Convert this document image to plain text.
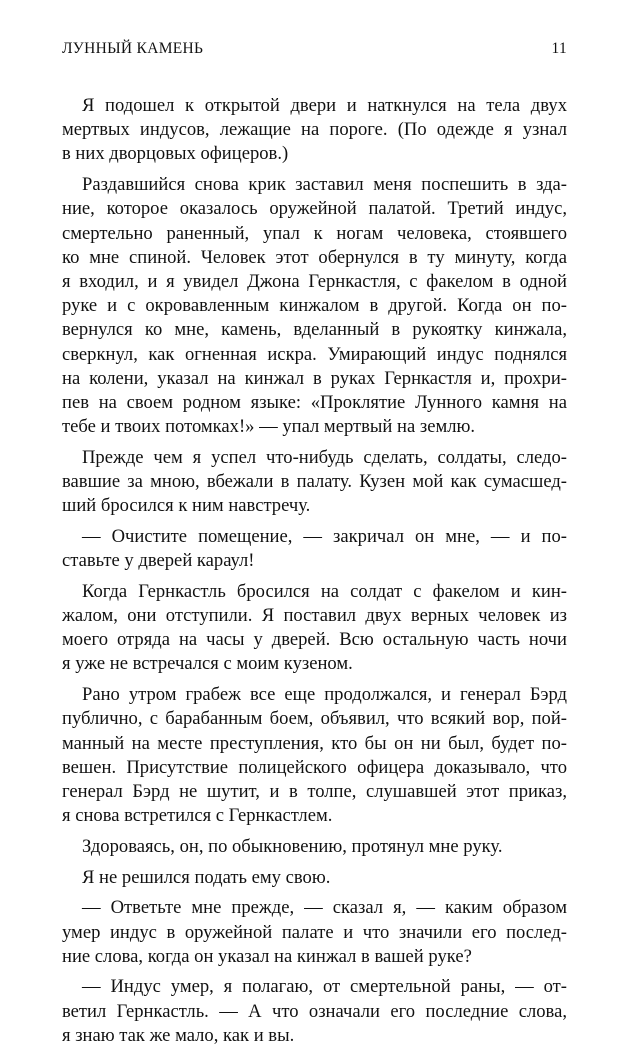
ЛУННЫЙ КАМЕНЬ	11

Я подошел к открытой двери и наткнулся на тела двух
мертвых индусов, лежащие на пороге. (По одежде я узнал
в них дворцовых офицеров.)

Раздавшийся снова крик заставил меня поспешить в зда-
ние, которое оказалось оружейной палатой. Третий индус,
смертельно раненный, упал к ногам человека, стоявшего
ко мне спиной. Человек этот обернулся в ту минуту, когда
я входил, и я увидел Джона Гернкастля, с факелом в одной
руке и с окровавленным кинжалом в другой. Когда он по-
вернулся ко мне, камень, вделанный в рукоятку кинжала,
сверкнул, как огненная искра. Умирающий индус поднялся
на колени, указал на кинжал в руках Гернкастля и, прохри-
пев на своем родном языке: «Проклятие Лунного камня на
тебе и твоих потомках!» — упал мертвый на землю.

Прежде чем я успел что-нибудь сделать, солдаты, следо-
вавшие за мною, вбежали в палату. Кузен мой как сумасшед-
ший бросился к ним навстречу.

— Очистите помещение, — закричал он мне, — и по-
ставьте у дверей караул!

Когда Гернкастль бросился на солдат с факелом и кин-
жалом, они отступили. Я поставил двух верных человек из
моего отряда на часы у дверей. Всю остальную часть ночи
я уже не встречался с моим кузеном.

Рано утром грабеж все еще продолжался, и генерал Бэрд
публично, с барабанным боем, объявил, что всякий вор, пой-
манный на месте преступления, кто бы он ни был, будет по-
вешен. Присутствие полицейского офицера доказывало, что
генерал Бэрд не шутит, и в толпе, слушавшей этот приказ,
я снова встретился с Гернкастлем.

Здороваясь, он, по обыкновению, протянул мне руку.

Я не решился подать ему свою.

— Ответьте мне прежде, — сказал я, — каким образом
умер индус в оружейной палате и что значили его послед-
ние слова, когда он указал на кинжал в вашей руке?

— Индус умер, я полагаю, от смертельной раны, — от-
ветил Гернкастль. — А что означали его последние слова,
я знаю так же мало, как и вы.
